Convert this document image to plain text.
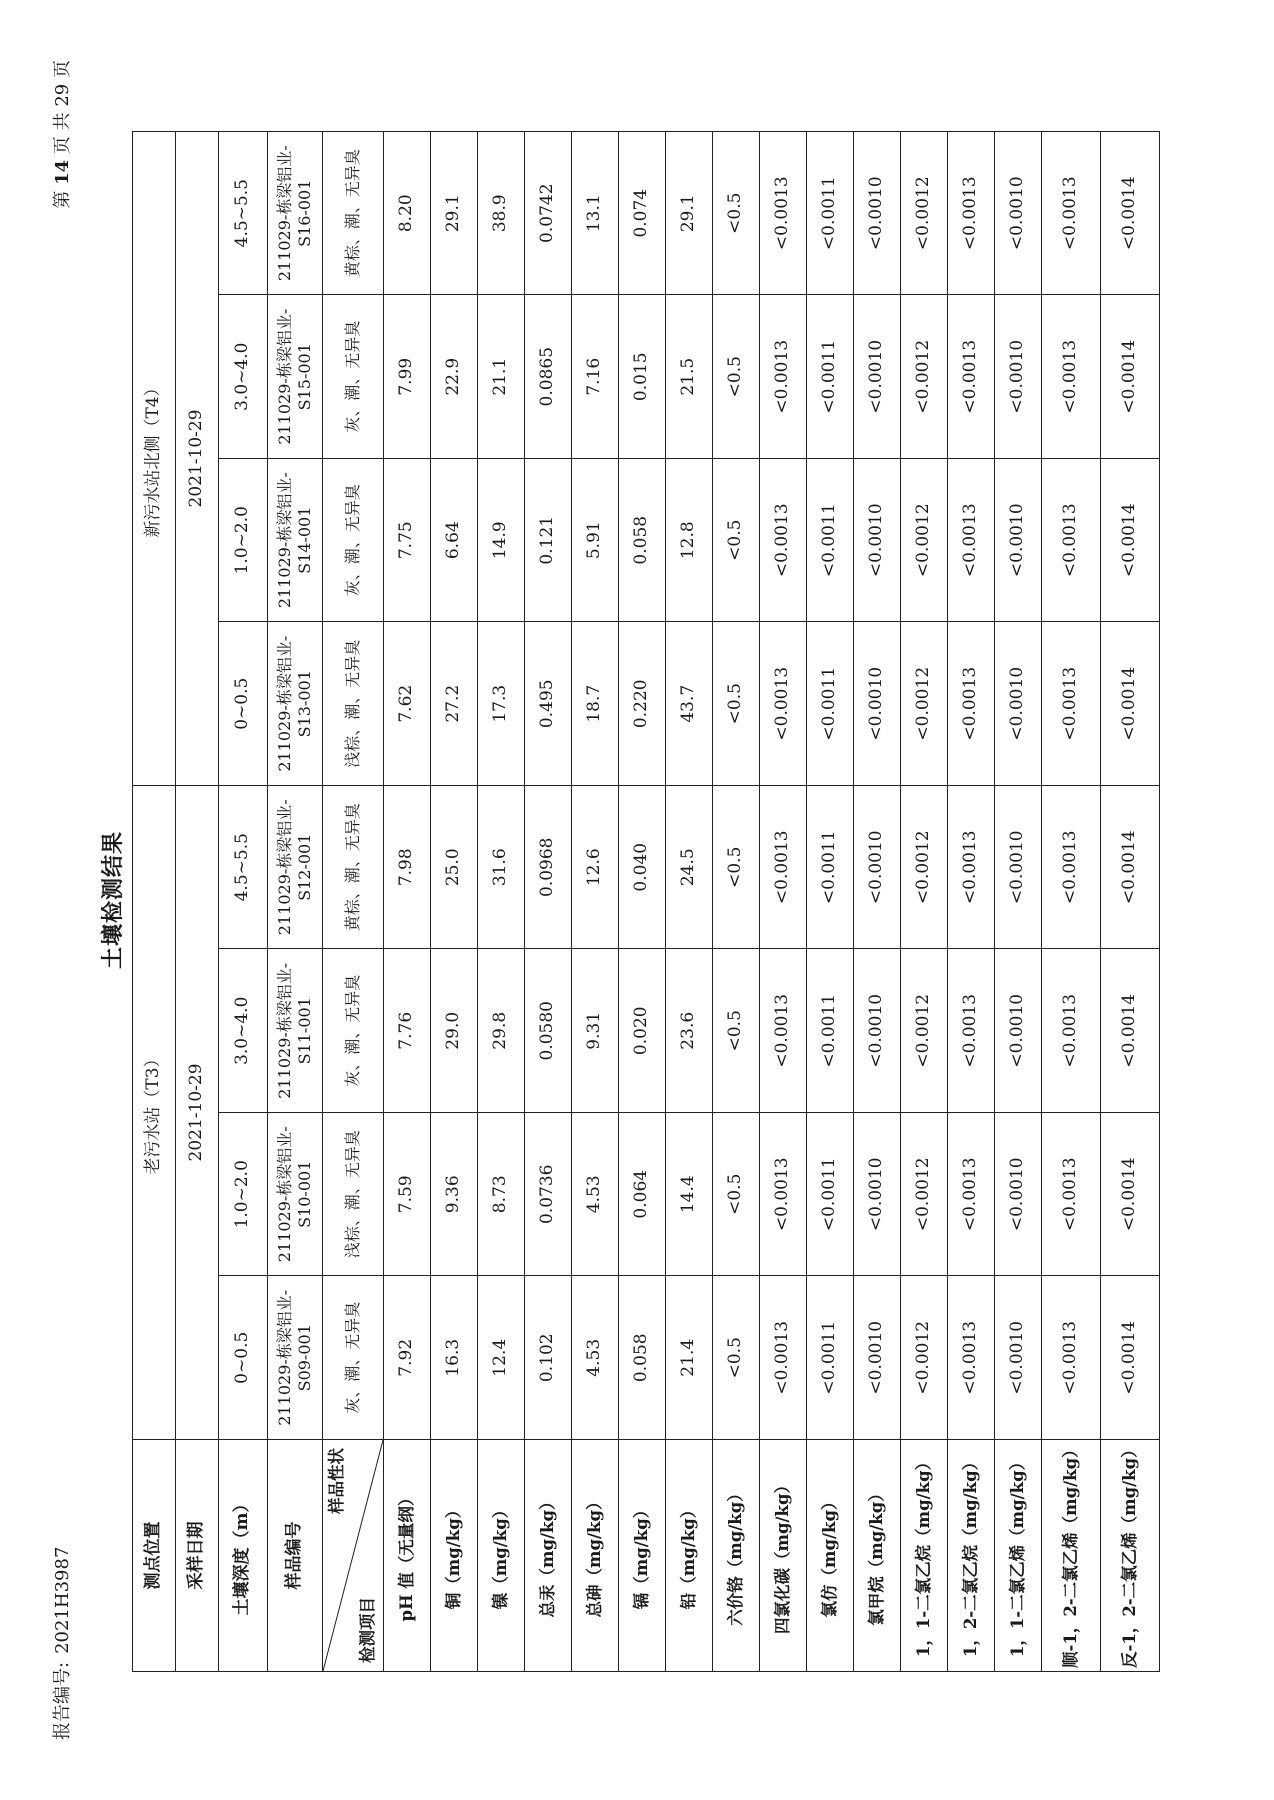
报告编号:2021H3987
第 14 页 共 29 页
土壤检测结果
测点位置	老污水站（T3）				新污水站北侧（T4）			
采样日期	2021-10-29				2021-10-29			
土壤深度（m）	0~0.5	1.0~2.0	3.0~4.0	4.5~5.5	0~0.5	1.0~2.0	3.0~4.0	4.5~5.5
样品编号	211029-栋梁铝业-S09-001	211029-栋梁铝业-S10-001	211029-栋梁铝业-S11-001	211029-栋梁铝业-S12-001	211029-栋梁铝业-S13-001	211029-栋梁铝业-S14-001	211029-栋梁铝业-S15-001	211029-栋梁铝业-S16-001

样品性状
检测项目	灰、潮、无异臭	浅棕、潮、无异臭	灰、潮、无异臭	黄棕、潮、无异臭	浅棕、潮、无异臭	灰、潮、无异臭	灰、潮、无异臭	黄棕、潮、无异臭
pH 值（无量纲）	7.92	7.59	7.76	7.98	7.62	7.75	7.99	8.20
铜（mg/kg）	16.3	9.36	29.0	25.0	27.2	6.64	22.9	29.1
镍（mg/kg）	12.4	8.73	29.8	31.6	17.3	14.9	21.1	38.9
总汞（mg/kg）	0.102	0.0736	0.0580	0.0968	0.495	0.121	0.0865	0.0742
总砷（mg/kg）	4.53	4.53	9.31	12.6	18.7	5.91	7.16	13.1
镉（mg/kg）	0.058	0.064	0.020	0.040	0.220	0.058	0.015	0.074
铅（mg/kg）	21.4	14.4	23.6	24.5	43.7	12.8	21.5	29.1
六价铬（mg/kg）	<0.5	<0.5	<0.5	<0.5	<0.5	<0.5	<0.5	<0.5
四氯化碳（mg/kg）	<0.0013	<0.0013	<0.0013	<0.0013	<0.0013	<0.0013	<0.0013	<0.0013
氯仿（mg/kg）	<0.0011	<0.0011	<0.0011	<0.0011	<0.0011	<0.0011	<0.0011	<0.0011
氯甲烷（mg/kg）	<0.0010	<0.0010	<0.0010	<0.0010	<0.0010	<0.0010	<0.0010	<0.0010
1，1-二氯乙烷（mg/kg）	<0.0012	<0.0012	<0.0012	<0.0012	<0.0012	<0.0012	<0.0012	<0.0012
1，2-二氯乙烷（mg/kg）	<0.0013	<0.0013	<0.0013	<0.0013	<0.0013	<0.0013	<0.0013	<0.0013
1，1-二氯乙烯（mg/kg）	<0.0010	<0.0010	<0.0010	<0.0010	<0.0010	<0.0010	<0.0010	<0.0010
顺-1，2-二氯乙烯（mg/kg）	<0.0013	<0.0013	<0.0013	<0.0013	<0.0013	<0.0013	<0.0013	<0.0013
反-1，2-二氯乙烯（mg/kg）	<0.0014	<0.0014	<0.0014	<0.0014	<0.0014	<0.0014	<0.0014	<0.0014
